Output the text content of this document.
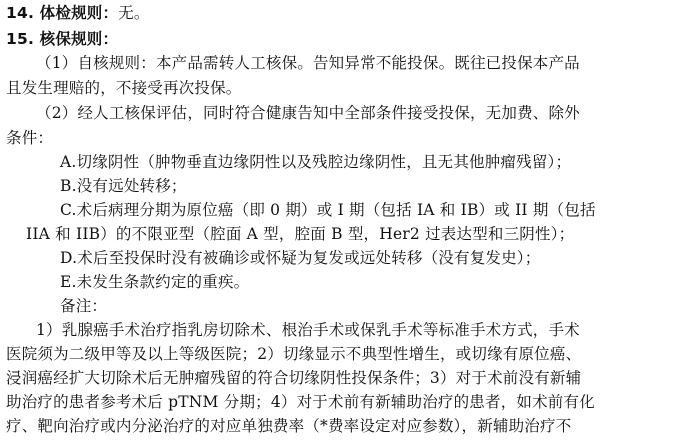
14. 体检规则：无。
15. 核保规则：
（1）自核规则：本产品需转人工核保。告知异常不能投保。既往已投保本产品
且发生理赔的，不接受再次投保。
（2）经人工核保评估，同时符合健康告知中全部条件接受投保，无加费、除外
条件：
A.切缘阴性（肿物垂直边缘阴性以及残腔边缘阴性，且无其他肿瘤残留）；
B.没有远处转移；
C.术后病理分期为原位癌（即 0 期）或 I 期（包括 IA 和 IB）或 II 期（包括
IIA 和 IIB）的不限亚型（腔面 A 型，腔面 B 型，Her2 过表达型和三阴性）；
D.术后至投保时没有被确诊或怀疑为复发或远处转移（没有复发史）；
E.未发生条款约定的重疾。
备注：
1）乳腺癌手术治疗指乳房切除术、根治手术或保乳手术等标准手术方式，手术
医院须为二级甲等及以上等级医院；2）切缘显示不典型性增生，或切缘有原位癌、
浸润癌经扩大切除术后无肿瘤残留的符合切缘阴性投保条件；3）对于术前没有新辅
助治疗的患者参考术后 pTNM 分期；4）对于术前有新辅助治疗的患者，如术前有化
疗、靶向治疗或内分泌治疗的对应单独费率（*费率设定对应参数），新辅助治疗不
